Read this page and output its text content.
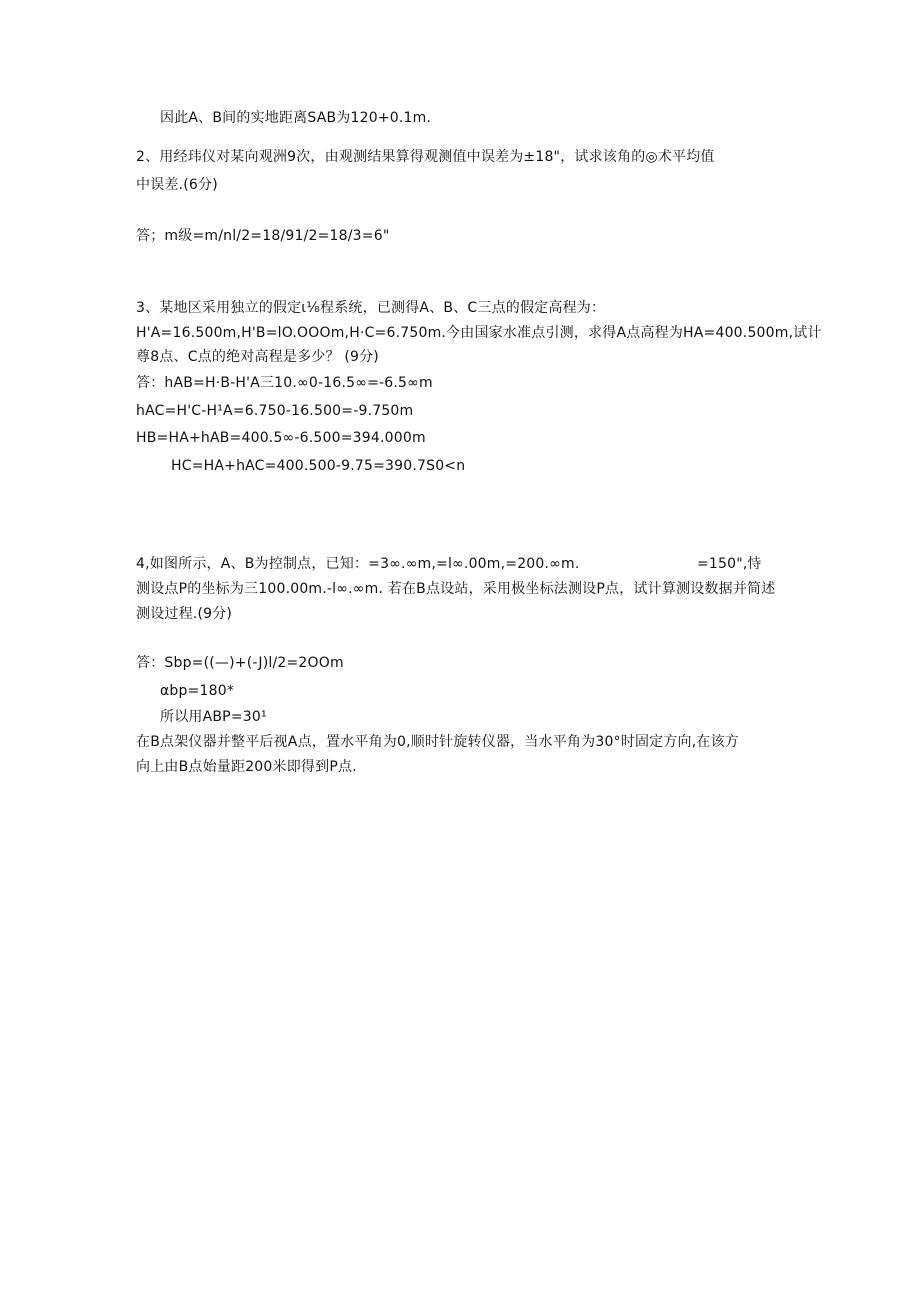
因此A、B间的实地距离SAB为120+0.1m.
2、用经玮仪对某向观洲9次，由观测结果算得观测值中误差为±18"，试求该角的◎术平均值
中误差.(6分)
答；m级=m/nl/2=18/91/2=18/3=6"
3、某地区采用独立的假定ι⅛程系统，已测得A、B、C三点的假定高程为：
H'A=16.500m,H'B=lO.OOOm,H·C=6.750m.今由国家水准点引测，求得A点高程为HA=400.500m,试计
尊8点、C点的绝对高程是多少？ (9分)
答：hAB=H·B-H'A三10.∞0-16.5∞=-6.5∞m
hAC=H'C-H¹A=6.750-16.500=-9.750m
HB=HA+hAB=400.5∞-6.500=394.000m
HC=HA+hAC=400.500-9.75=390.7S0<n
4,如图所示，A、B为控制点，已知：=3∞.∞m,=l∞.00m,=200.∞m.	=150",恃
测设点P的坐标为三100.00m.-l∞.∞m. 若在B点设站，采用极坐标法测设P点，试计算测设数据并简述
测设过程.(9分)
答：Sbp=((—)+(-J)l/2=2OOm
αbp=180*
所以用ABP=30¹
在B点架仪器并整平后视A点，置水平角为0,顺时针旋转仪器，当水平角为30°时固定方向,在该方
向上由B点始量距200米即得到P点.
